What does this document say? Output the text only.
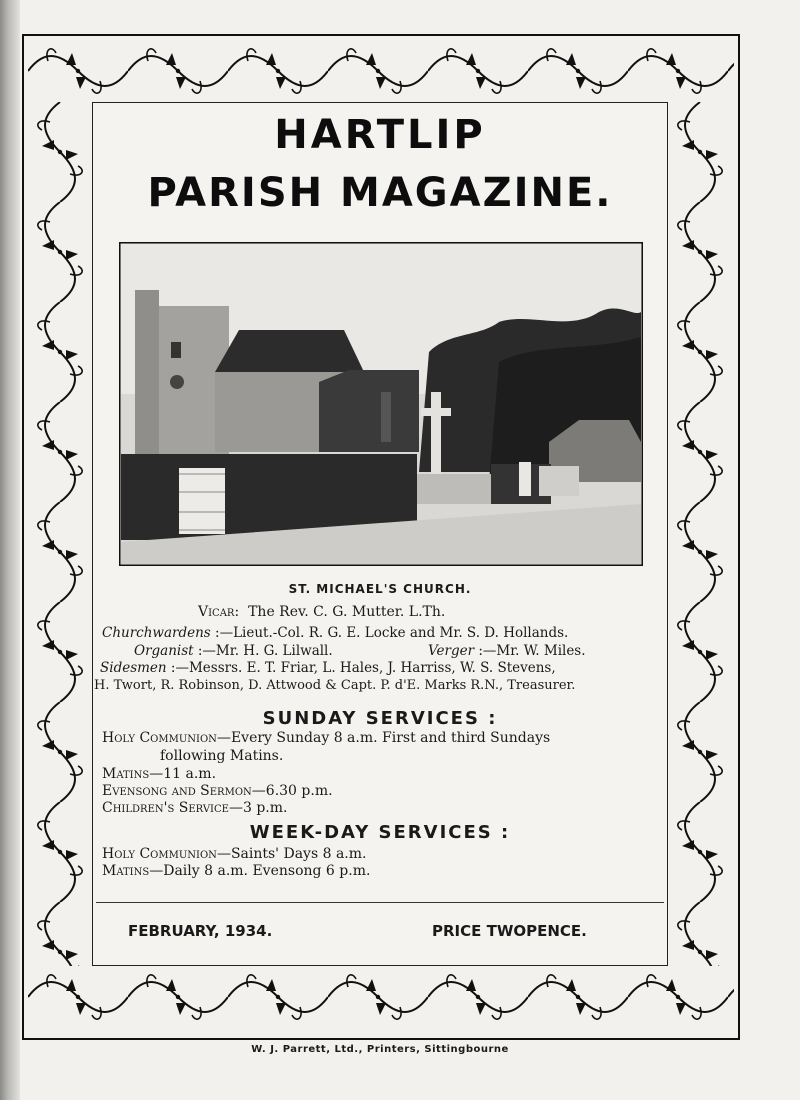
HARTLIP
PARISH MAGAZINE.
ST. MICHAEL'S CHURCH.
Vicar:  The Rev. C. G. Mutter. L.Th.
Churchwardens :—Lieut.-Col. R. G. E. Locke and Mr. S. D. Hollands.
Organist :—Mr. H. G. Lilwall.	Verger :—Mr. W. Miles.
Sidesmen :—Messrs. E. T. Friar, L. Hales, J. Harriss, W. S. Stevens,
H. Twort, R. Robinson, D. Attwood & Capt. P. d'E. Marks R.N., Treasurer.
SUNDAY SERVICES :
Holy Communion—Every Sunday 8 a.m. First and third Sundays
following Matins.
Matins—11 a.m.
Evensong and Sermon—6.30 p.m.
Children's Service—3 p.m.
WEEK-DAY SERVICES :
Holy Communion—Saints' Days 8 a.m.
Matins—Daily 8 a.m. Evensong 6 p.m.
FEBRUARY, 1934.	PRICE TWOPENCE.
W. J. Parrett, Ltd., Printers, Sittingbourne
